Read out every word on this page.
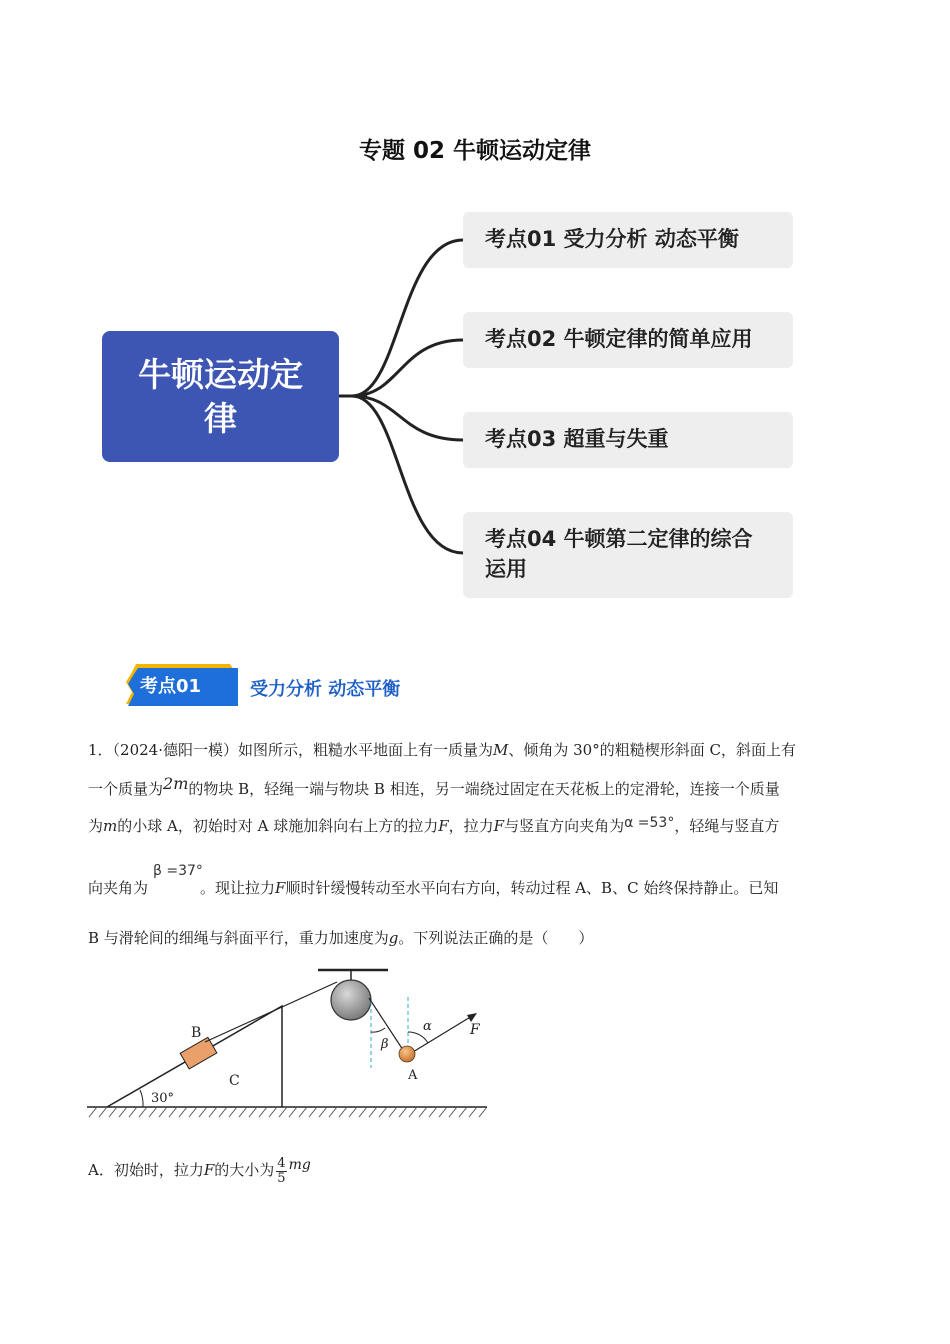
专题 02 牛顿运动定律
牛顿运动定律
考点01 受力分析 动态平衡
考点02 牛顿定律的简单应用
考点03 超重与失重
考点04 牛顿第二定律的综合运用
考点01	受力分析 动态平衡
1．（2024·德阳一模）如图所示，粗糙水平地面上有一质量为M、倾角为 30°的粗糙楔形斜面 C，斜面上有
一个质量为2m的物块 B，轻绳一端与物块 B 相连，另一端绕过固定在天花板上的定滑轮，连接一个质量
为m的小球 A，初始时对 A 球施加斜向右上方的拉力F，拉力F与竖直方向夹角为α =53°，轻绳与竖直方
β =37°
向夹角为	。现让拉力F顺时针缓慢转动至水平向右方向，转动过程 A、B、C 始终保持静止。已知
B 与滑轮间的细绳与斜面平行，重力加速度为g。下列说法正确的是（　　）
B
C
30°
β
α
A
F
A．初始时，拉力F的大小为 $\frac{4}{5}$ mg
